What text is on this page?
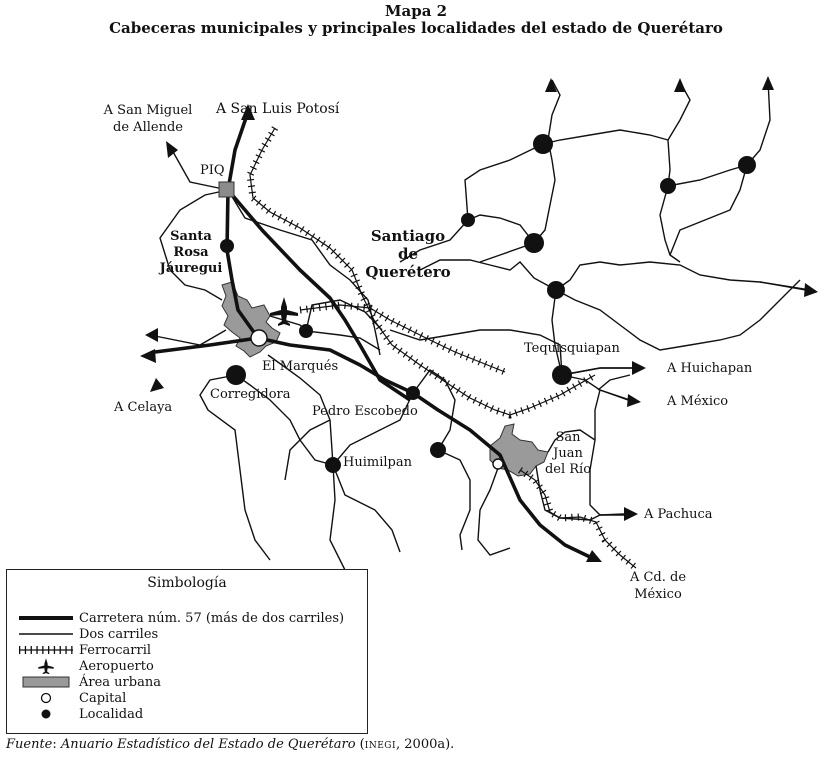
Mapa 2
Cabeceras municipales y principales localidades del estado de Querétaro
Santiago
de
Querétero
Santa
Rosa
Jáuregui
PIQ
El Marqués
Corregidora
Pedro Escobedo
Huimilpan
Tequisquiapan
San
Juan
del Río
A San Miguel
de Allende
A San Luis Potosí
A Celaya
A Huichapan
A México
A Pachuca
A Cd. de
México
Simbología
Carretera núm. 57 (más de dos carriles)
Dos carriles
Ferrocarril
Aeropuerto
Área urbana
Capital
Localidad
Fuente: Anuario Estadístico del Estado de Querétaro (INEGI, 2000a).
